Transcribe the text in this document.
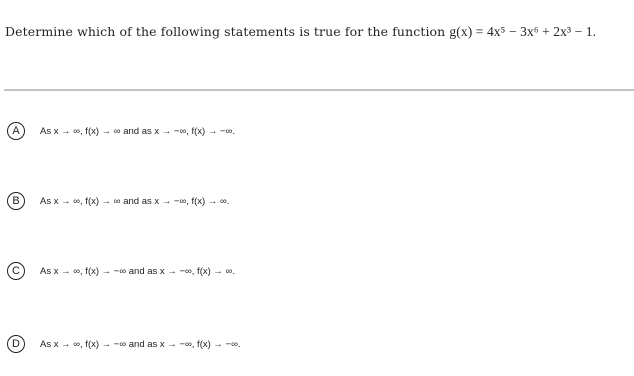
Determine which of the following statements is true for the function g(x) = 4x⁵ − 3x⁶ + 2x³ − 1.
A	As x → ∞, f(x) → ∞ and as x → −∞, f(x) → −∞.
B	As x → ∞, f(x) → ∞ and as x → −∞, f(x) → ∞.
C	As x → ∞, f(x) → −∞ and as x → −∞, f(x) → ∞.
D	As x → ∞, f(x) → −∞ and as x → −∞, f(x) → −∞.
